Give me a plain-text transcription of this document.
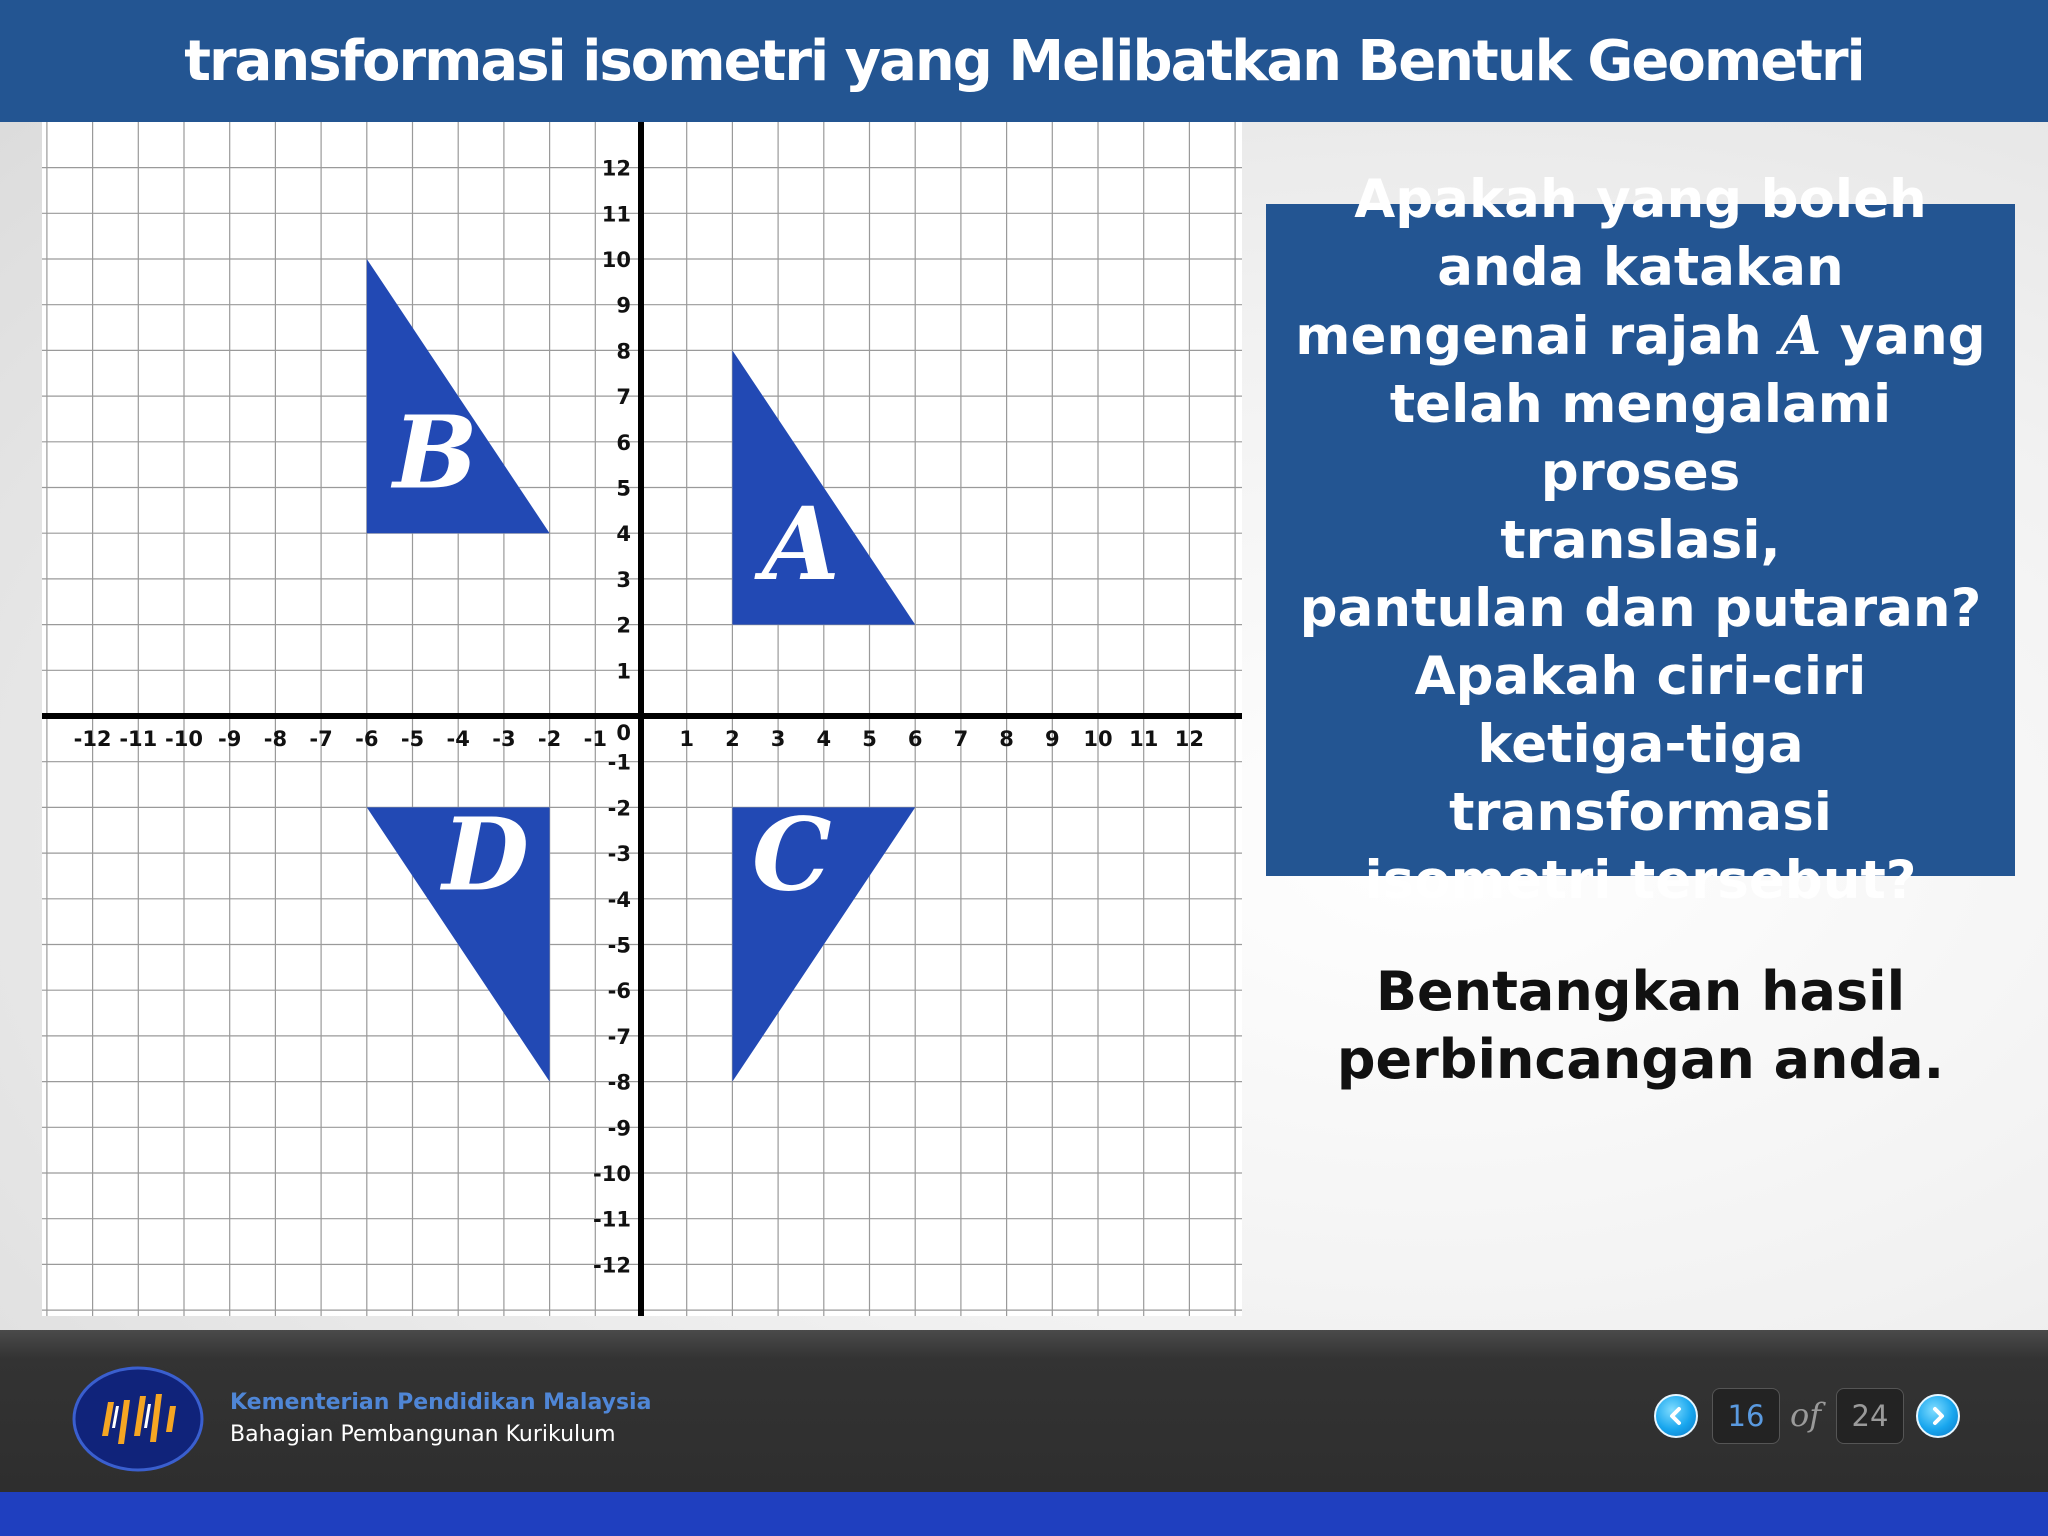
transformasi isometri yang Melibatkan Bentuk Geometri
A
B
C
D
-12 -11 -10 -9 -8 -7 -6 -5 -4 -3 -2 -1	1 2 3 4 5 6 7 8 9 10 11 12
12
11
10
9
8
7
6
5
4
3
2
1
-1
-2
-3
-4
-5
-6
-7
-8
-9
-10
-11
-12
0
Apakah yang boleh
anda katakan
mengenai rajah A yang
telah mengalami proses
translasi,
pantulan dan putaran?
Apakah ciri-ciri
ketiga-tiga transformasi
isometri tersebut?
Bentangkan hasil
perbincangan anda.
Kementerian Pendidikan Malaysia
Bahagian Pembangunan Kurikulum
16 of	24
